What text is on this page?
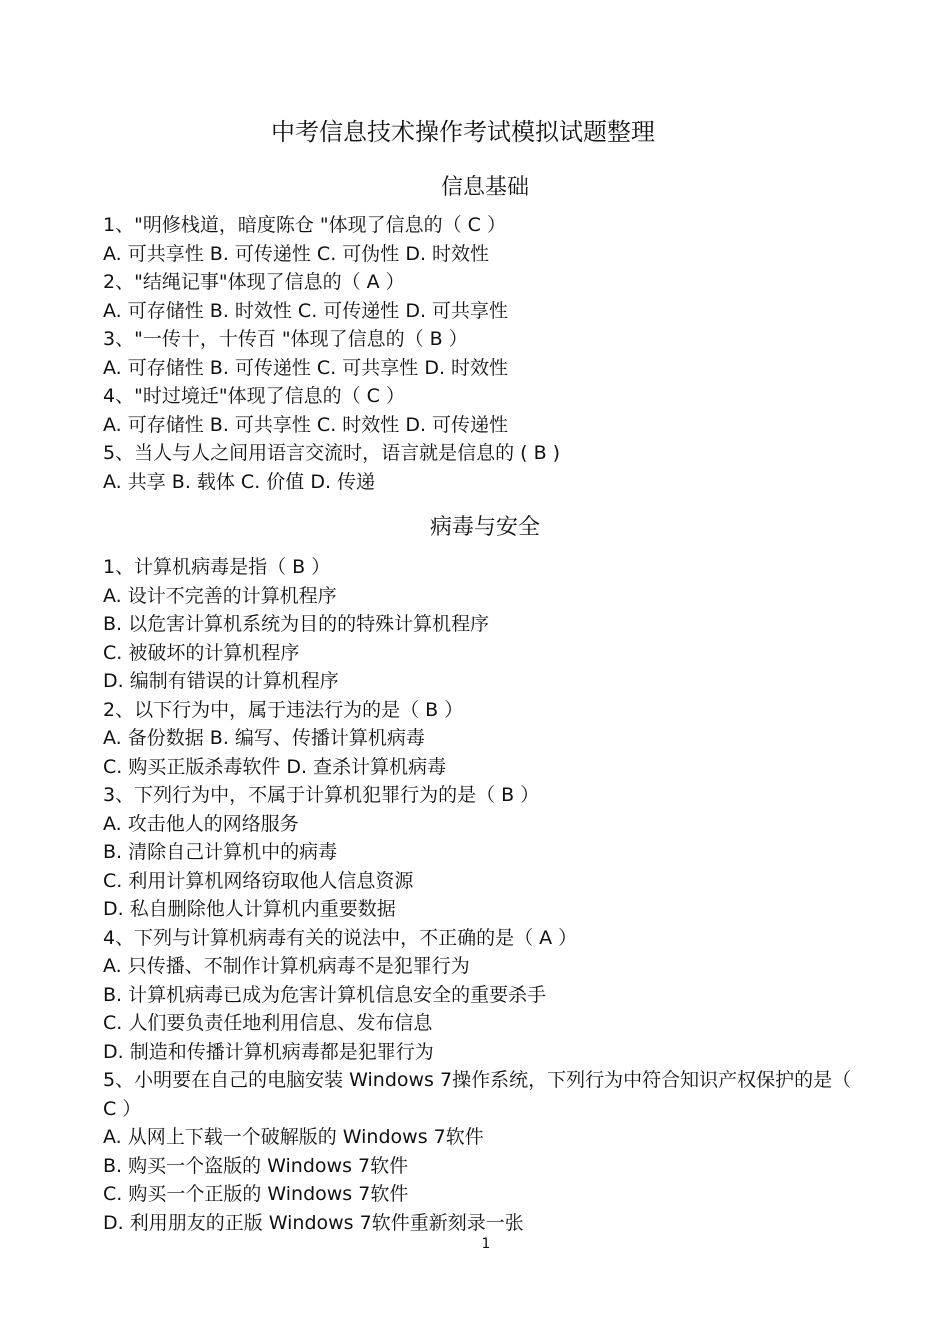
中考信息技术操作考试模拟试题整理
信息基础
1、"明修栈道，暗度陈仓 "体现了信息的（ C ）
A. 可共享性 B. 可传递性 C. 可伪性 D. 时效性
2、"结绳记事"体现了信息的（ A ）
A. 可存储性 B. 时效性 C. 可传递性 D. 可共享性
3、"一传十，十传百 "体现了信息的（ B ）
A. 可存储性 B. 可传递性 C. 可共享性 D. 时效性
4、"时过境迁"体现了信息的（ C ）
A. 可存储性 B. 可共享性 C. 时效性 D. 可传递性
5、当人与人之间用语言交流时，语言就是信息的 ( B )
A. 共享 B. 载体 C. 价值 D. 传递
病毒与安全
1、计算机病毒是指（ B ）
A. 设计不完善的计算机程序
B. 以危害计算机系统为目的的特殊计算机程序
C. 被破坏的计算机程序
D. 编制有错误的计算机程序
2、以下行为中，属于违法行为的是（ B ）
A. 备份数据 B. 编写、传播计算机病毒
C. 购买正版杀毒软件 D. 查杀计算机病毒
3、下列行为中，不属于计算机犯罪行为的是（ B ）
A. 攻击他人的网络服务
B. 清除自己计算机中的病毒
C. 利用计算机网络窃取他人信息资源
D. 私自删除他人计算机内重要数据
4、下列与计算机病毒有关的说法中，不正确的是（ A ）
A. 只传播、不制作计算机病毒不是犯罪行为
B. 计算机病毒已成为危害计算机信息安全的重要杀手
C. 人们要负责任地利用信息、发布信息
D. 制造和传播计算机病毒都是犯罪行为
5、小明要在自己的电脑安装 Windows 7操作系统，下列行为中符合知识产权保护的是（ C ）
A. 从网上下载一个破解版的 Windows 7软件
B. 购买一个盗版的 Windows 7软件
C. 购买一个正版的 Windows 7软件
D. 利用朋友的正版 Windows 7软件重新刻录一张
1
